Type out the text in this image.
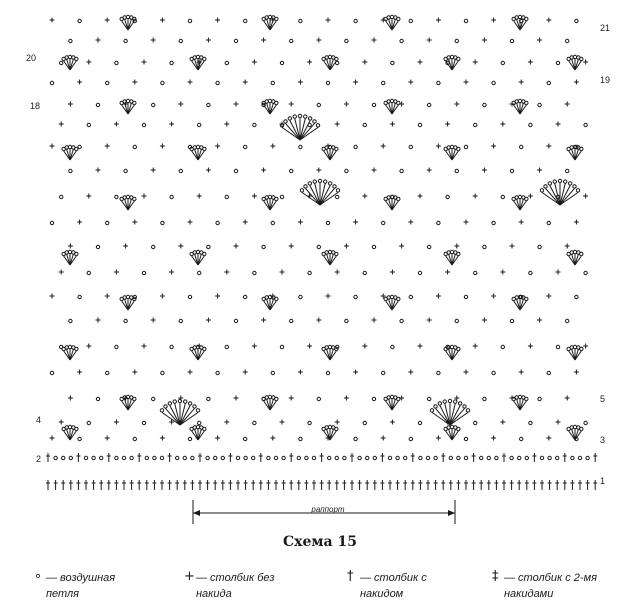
20
18
4
2
21
19
5
3
1
раппорт
Схема 15
∘ — воздушная петля
+ — столбик без накида
† — столбик с накидом
‡ — столбик с 2-мя накидами
